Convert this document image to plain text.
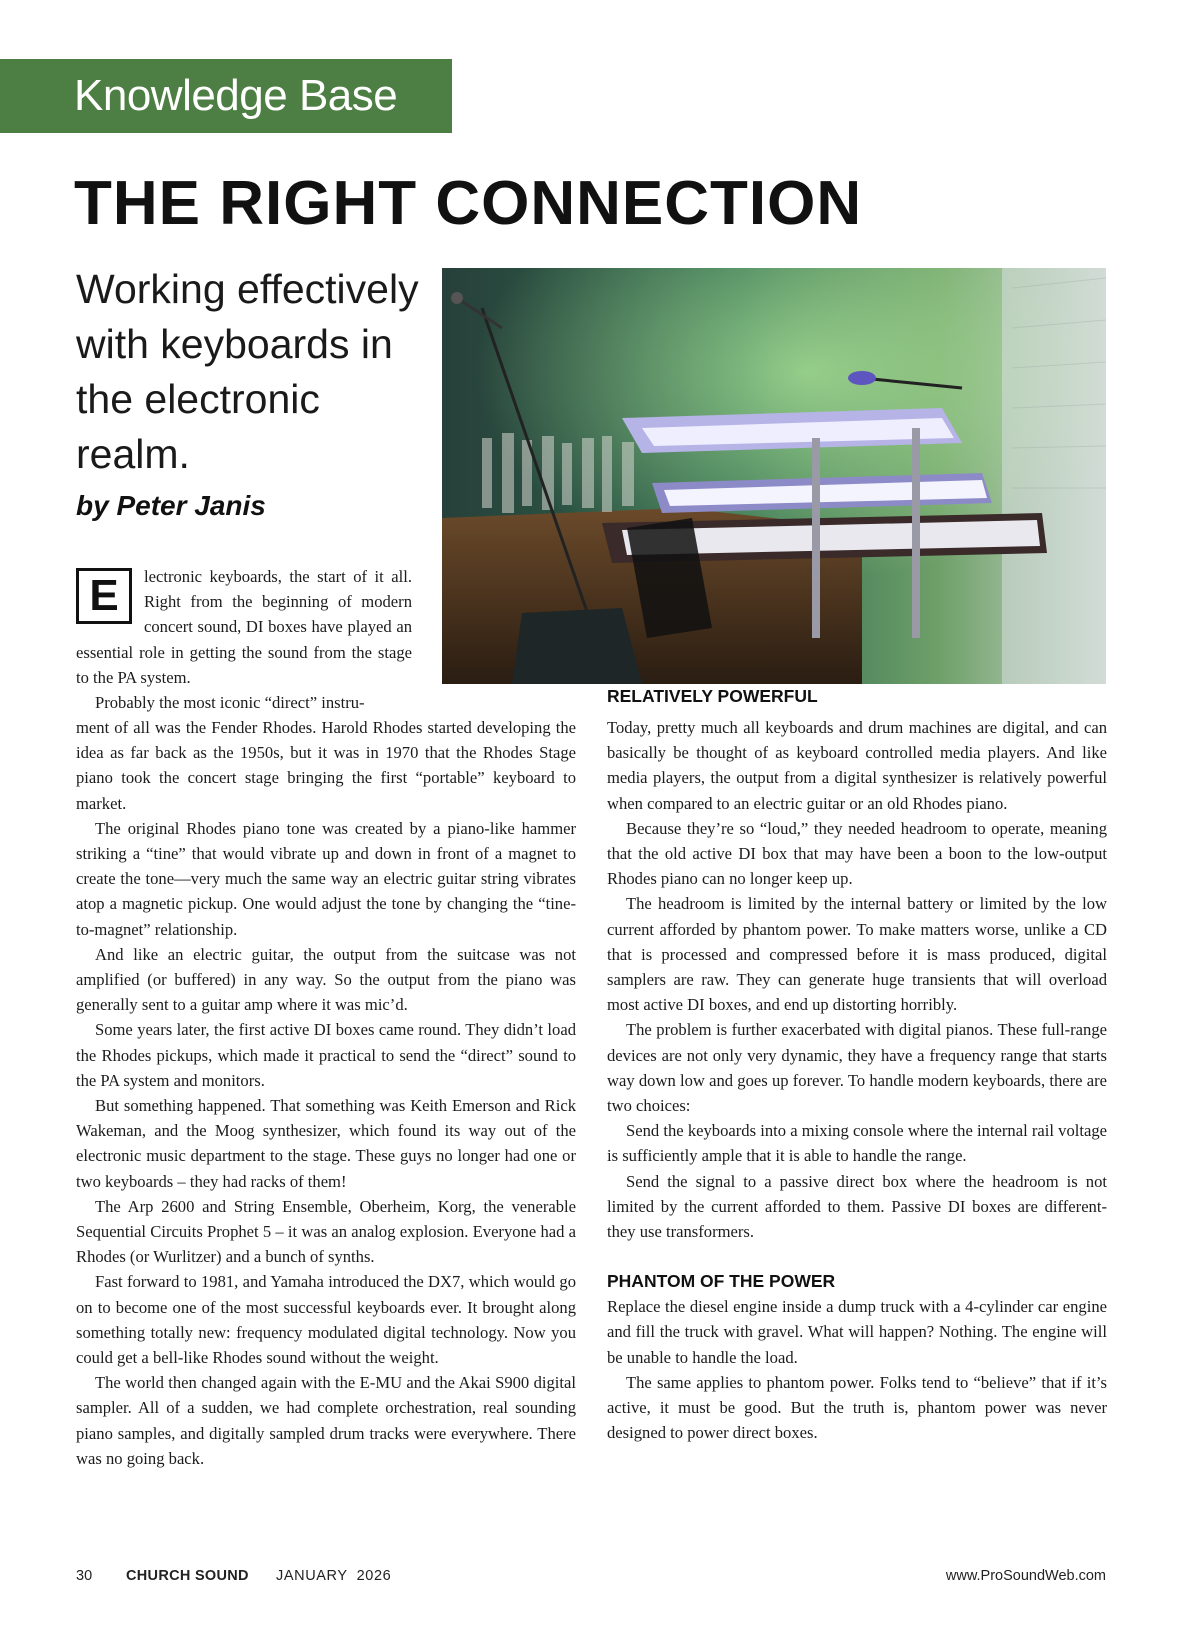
Knowledge Base
THE RIGHT CONNECTION
Working effectively with keyboards in the electronic realm.
by Peter Janis
E	lectronic keyboards, the start of it all. Right from the beginning of modern concert sound, DI boxes have played an essential role in getting the sound from the stage to the PA system.

Probably the most iconic “direct” instru-

ment of all was the Fender Rhodes. Harold Rhodes started developing the idea as far back as the 1950s, but it was in 1970 that the Rhodes Stage piano took the concert stage bringing the first “portable” keyboard to market.

The original Rhodes piano tone was created by a piano-like hammer striking a “tine” that would vibrate up and down in front of a magnet to create the tone—very much the same way an electric guitar string vibrates atop a magnetic pickup. One would adjust the tone by changing the “tine-to-magnet” relationship.

And like an electric guitar, the output from the suitcase was not amplified (or buffered) in any way. So the output from the piano was generally sent to a guitar amp where it was mic’d.

Some years later, the first active DI boxes came round. They didn’t load the Rhodes pickups, which made it practical to send the “direct” sound to the PA system and monitors.

But something happened. That something was Keith Emerson and Rick Wakeman, and the Moog synthesizer, which found its way out of the electronic music department to the stage. These guys no longer had one or two keyboards – they had racks of them!

The Arp 2600 and String Ensemble, Oberheim, Korg, the venerable Sequential Circuits Prophet 5 – it was an analog explosion. Everyone had a Rhodes (or Wurlitzer) and a bunch of synths.

Fast forward to 1981, and Yamaha introduced the DX7, which would go on to become one of the most successful keyboards ever. It brought along something totally new: frequency modulated digital technology. Now you could get a bell-like Rhodes sound without the weight.

The world then changed again with the E-MU and the Akai S900 digital sampler. All of a sudden, we had complete orchestration, real sounding piano samples, and digitally sampled drum tracks were everywhere. There was no going back.

RELATIVELY POWERFUL

Today, pretty much all keyboards and drum machines are digital, and can basically be thought of as keyboard controlled media players. And like media players, the output from a digital synthesizer is relatively powerful when compared to an electric guitar or an old Rhodes piano.

Because they’re so “loud,” they needed headroom to operate, meaning that the old active DI box that may have been a boon to the low-output Rhodes piano can no longer keep up.

The headroom is limited by the internal battery or limited by the low current afforded by phantom power. To make matters worse, unlike a CD that is processed and compressed before it is mass produced, digital samplers are raw. They can generate huge transients that will overload most active DI boxes, and end up distorting horribly.

The problem is further exacerbated with digital pianos. These full-range devices are not only very dynamic, they have a frequency range that starts way down low and goes up forever. To handle modern keyboards, there are two choices:

Send the keyboards into a mixing console where the internal rail voltage is sufficiently ample that it is able to handle the range.

Send the signal to a passive direct box where the headroom is not limited by the current afforded to them. Passive DI boxes are different- they use transformers.

PHANTOM OF THE POWER

Replace the diesel engine inside a dump truck with a 4-cylinder car engine and fill the truck with gravel. What will happen? Nothing. The engine will be unable to handle the load.

The same applies to phantom power. Folks tend to “believe” that if it’s active, it must be good. But the truth is, phantom power was never designed to power direct boxes.

30 CHURCH SOUND JANUARY  2026	www.ProSoundWeb.com
